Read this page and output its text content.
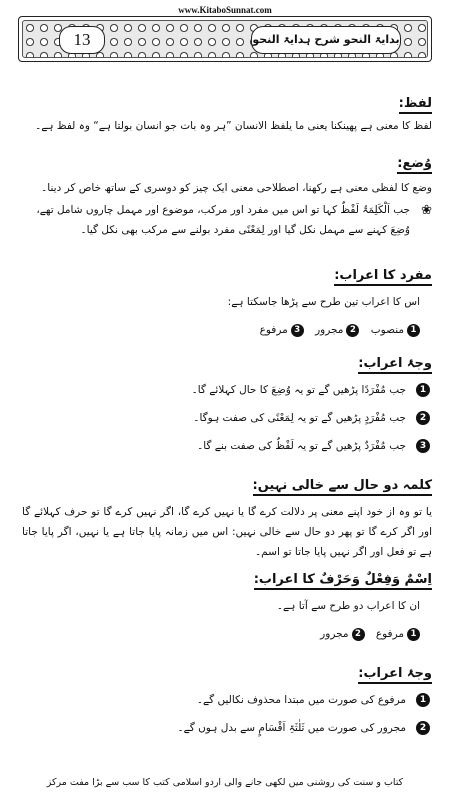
www.KitaboSunnat.com
13	بدایۃ النحو شرح ہدایۃ النحو
لفظ:
لفظ کا معنی ہے پھینکنا یعنی ما یلفظ الانسان ”ہر وہ بات جو انسان بولتا ہے“ وہ لفظ ہے۔
وُضع:
وضع کا لفظی معنی ہے رکھنا، اصطلاحی معنی ایک چیز کو دوسری کے ساتھ خاص کر دینا۔
❀
جب اَلْکَلِمَۃُ لَفْظٌ کہا تو اس میں مفرد اور مرکب، موضوع اور مہمل چاروں شامل تھے، وُضِعَ کہنے سے مہمل نکل گیا اور لِمَعْنًی مفرد بولنے سے مرکب بھی نکل گیا۔
مفرد کا اعراب:
اس کا اعراب تین طرح سے پڑھا جاسکتا ہے:
1منصوب 2مجرور 3مرفوع
وجۂ اعراب:
1
جب مُفْرَدًا پڑھیں گے تو یہ وُضِعَ کا حال کہلائے گا۔
2
جب مُفْرَدٍ پڑھیں گے تو یہ لِمَعْنًی کی صفت ہوگا۔
3
جب مُفْرَدٌ پڑھیں گے تو یہ لَفْظٌ کی صفت بنے گا۔
کلمہ دو حال سے خالی نہیں:
یا تو وہ از خود اپنے معنی پر دلالت کرے گا یا نہیں کرے گا، اگر نہیں کرے گا تو حرف کہلائے گا اور اگر کرے گا تو پھر دو حال سے خالی نہیں: اس میں زمانہ پایا جاتا ہے یا نہیں، اگر پایا جاتا ہے تو فعل اور اگر نہیں پایا جاتا تو اسم۔
اِسْمٌ وَفِعْلٌ وَحَرْفٌ کا اعراب:
ان کا اعراب دو طرح سے آتا ہے۔
1مرفوع 2مجرور
وجۂ اعراب:
1
مرفوع کی صورت میں مبتدا محذوف نکالیں گے۔
2
مجرور کی صورت میں ثَلٰثَۃِ اَقْسَامٍ سے بدل ہوں گے۔
کتاب و سنت کی روشنی میں لکھی جانے والی اردو اسلامی کتب کا سب سے بڑا مفت مرکز
